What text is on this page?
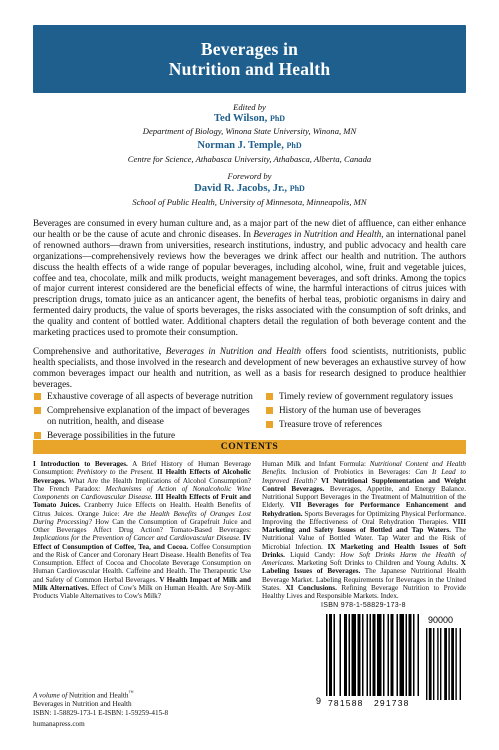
Beverages in
Nutrition and Health
Edited by
Ted Wilson, PhD
Department of Biology, Winona State University, Winona, MN
Norman J. Temple, PhD
Centre for Science, Athabasca University, Athabasca, Alberta, Canada
Foreword by
David R. Jacobs, Jr., PhD
School of Public Health, University of Minnesota, Minneapolis, MN
Beverages are consumed in every human culture and, as a major part of the new diet of affluence, can either enhance our health or be the cause of acute and chronic diseases. In Beverages in Nutrition and Health, an international panel of renowned authors—drawn from universities, research institutions, industry, and public advocacy and health care organizations—comprehensively reviews how the beverages we drink affect our health and nutrition. The authors discuss the health effects of a wide range of popular beverages, including alcohol, wine, fruit and vegetable juices, coffee and tea, chocolate, milk and milk products, weight management beverages, and soft drinks. Among the topics of major current interest considered are the beneficial effects of wine, the harmful interactions of citrus juices with prescription drugs, tomato juice as an anticancer agent, the benefits of herbal teas, probiotic organisms in dairy and fermented dairy products, the value of sports beverages, the risks associated with the consumption of soft drinks, and the quality and content of bottled water. Additional chapters detail the regulation of both beverage content and the marketing practices used to promote their consumption.
Comprehensive and authoritative, Beverages in Nutrition and Health offers food scientists, nutritionists, public health specialists, and those involved in the research and development of new beverages an exhaustive survey of how common beverages impact our health and nutrition, as well as a basis for research designed to produce healthier beverages.
Exhaustive coverage of all aspects of beverage nutrition
Comprehensive explanation of the impact of beverages on nutrition, health, and disease
Beverage possibilities in the future
Timely review of government regulatory issues
History of the human use of beverages
Treasure trove of references
CONTENTS
I Introduction to Beverages. A Brief History of Human Beverage Consumption: Prehistory to the Present. II Health Effects of Alcoholic Beverages. What Are the Health Implications of Alcohol Consumption? The French Paradox: Mechanisms of Action of Nonalcoholic Wine Components on Cardiovascular Disease. III Health Effects of Fruit and Tomato Juices. Cranberry Juice Effects on Health. Health Benefits of Citrus Juices. Orange Juice: Are the Health Benefits of Oranges Lost During Processing? How Can the Consumption of Grapefruit Juice and Other Beverages Affect Drug Action? Tomato-Based Beverages: Implications for the Prevention of Cancer and Cardiovascular Disease. IV Effect of Consumption of Coffee, Tea, and Cocoa. Coffee Consumption and the Risk of Cancer and Coronary Heart Disease. Health Benefits of Tea Consumption. Effect of Cocoa and Chocolate Beverage Consumption on Human Cardiovascular Health. Caffeine and Health. The Therapeutic Use and Safety of Common Herbal Beverages. V Health Impact of Milk and Milk Alternatives. Effect of Cow's Milk on Human Health. Are Soy-Milk Products Viable Alternatives to Cow's Milk?
Human Milk and Infant Formula: Nutritional Content and Health Benefits. Inclusion of Probiotics in Beverages: Can It Lead to Improved Health? VI Nutritional Supplementation and Weight Control Beverages. Beverages, Appetite, and Energy Balance. Nutritional Support Beverages in the Treatment of Malnutrition of the Elderly. VII Beverages for Performance Enhancement and Rehydration. Sports Beverages for Optimizing Physical Performance. Improving the Effectiveness of Oral Rehydration Therapies. VIII Marketing and Safety Issues of Bottled and Tap Waters. The Nutritional Value of Bottled Water. Tap Water and the Risk of Microbial Infection. IX Marketing and Health Issues of Soft Drinks. Liquid Candy: How Soft Drinks Harm the Health of Americans. Marketing Soft Drinks to Children and Young Adults. X Labeling Issues of Beverages. The Japanese Nutritional Health Beverage Market. Labeling Requirements for Beverages in the United States. XI Conclusions. Refining Beverage Nutrition to Provide Healthy Lives and Responsible Markets. Index.
ISBN 978-1-58829-173-8
9 781588 291738
90000
A volume of Nutrition and Health™
Beverages in Nutrition and Health
ISBN: 1-58829-173-1 E-ISBN: 1-59259-415-8
humanapress.com
